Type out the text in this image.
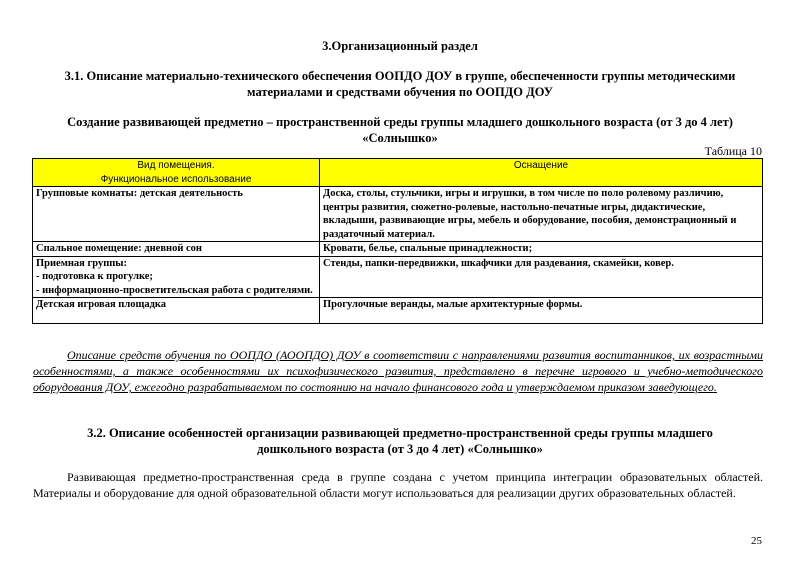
3.Организационный раздел
3.1. Описание материально-технического обеспечения ООПДО ДОУ в группе, обеспеченности группы методическими
материалами и средствами обучения по ООПДО ДОУ
Создание развивающей предметно – пространственной среды группы младшего дошкольного возраста (от 3 до 4 лет)
«Солнышко»
Таблица 10
Вид помещения.
Функциональное использование	Оснащение
Групповые комнаты: детская деятельность	Доска, столы, стульчики, игры и игрушки, в том числе по поло ролевому различию, центры развития, сюжетно-ролевые, настольно-печатные игры, дидактические, вкладыши, развивающие игры, мебель и оборудование, пособия, демонстрационный и раздаточный материал.
Спальное помещение: дневной сон	Кровати, белье, спальные принадлежности;
Приемная группы:
- подготовка к прогулке;
- информационно-просветительская работа с родителями.	Стенды, папки-передвижки, шкафчики для раздевания, скамейки, ковер.
Детская игровая площадка	Прогулочные веранды, малые архитектурные формы.
Описание средств обучения по ООПДО (АООПДО) ДОУ в соответствии с направлениями развития воспитанников, их возрастными особенностями, а также особенностями их психофизического развития, представлено в перечне игрового и учебно-методического оборудования ДОУ, ежегодно разрабатываемом по состоянию на начало финансового года и утверждаемом приказом заведующего.
3.2. Описание особенностей организации развивающей предметно-пространственной среды группы младшего
дошкольного возраста (от 3 до 4 лет) «Солнышко»
Развивающая предметно-пространственная среда в группе создана с учетом принципа интеграции образовательных областей. Материалы и оборудование для одной образовательной области могут использоваться для реализации других образовательных областей.
25
